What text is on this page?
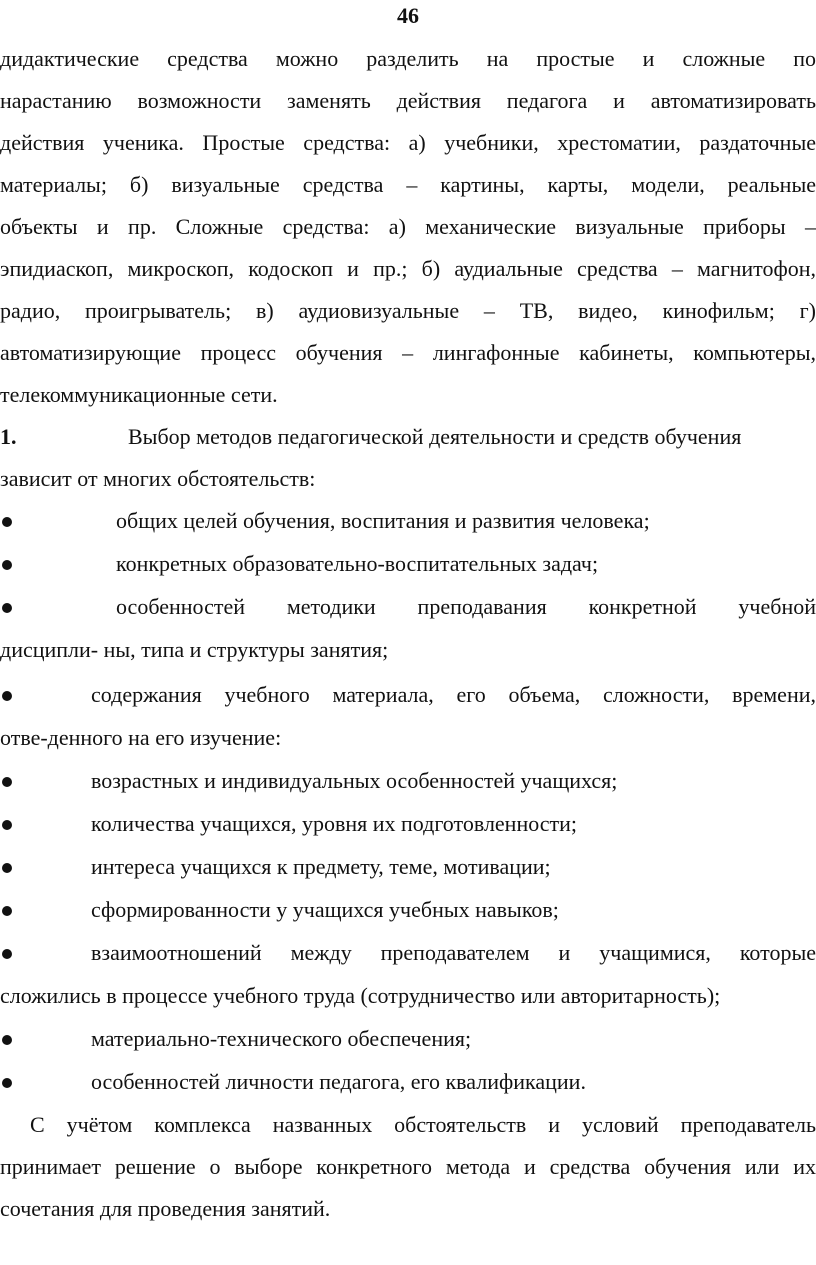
46
дидактические средства можно разделить на простые и сложные по
нарастанию возможности заменять действия педагога и автоматизировать
действия ученика. Простые средства: а) учебники, хрестоматии, раздаточные
материалы; б) визуальные средства – картины, карты, модели, реальные
объекты и пр. Сложные средства: а) механические визуальные приборы –
эпидиаскоп, микроскоп, кодоскоп и пр.; б) аудиальные средства – магнитофон,
радио, проигрыватель; в) аудиовизуальные – ТВ, видео, кинофильм; г)
автоматизирующие процесс обучения – лингафонные кабинеты, компьютеры,
телекоммуникационные сети.
1.	Выбор методов педагогической деятельности и средств обучения
зависит от многих обстоятельств:
общих целей обучения, воспитания и развития человека;
конкретных образовательно-воспитательных задач;
особенностей методики преподавания конкретной учебной
дисципли- ны, типа и структуры занятия;
содержания учебного материала, его объема, сложности, времени,
отве-денного на его изучение:
возрастных и индивидуальных особенностей учащихся;
количества учащихся, уровня их подготовленности;
интереса учащихся к предмету, теме, мотивации;
сформированности у учащихся учебных навыков;
взаимоотношений между преподавателем и учащимися, которые
сложились в процессе учебного труда (сотрудничество или авторитарность);
материально-технического обеспечения;
особенностей личности педагога, его квалификации.
С учётом комплекса названных обстоятельств и условий преподаватель
принимает решение о выборе конкретного метода и средства обучения или их
сочетания для проведения занятий.
